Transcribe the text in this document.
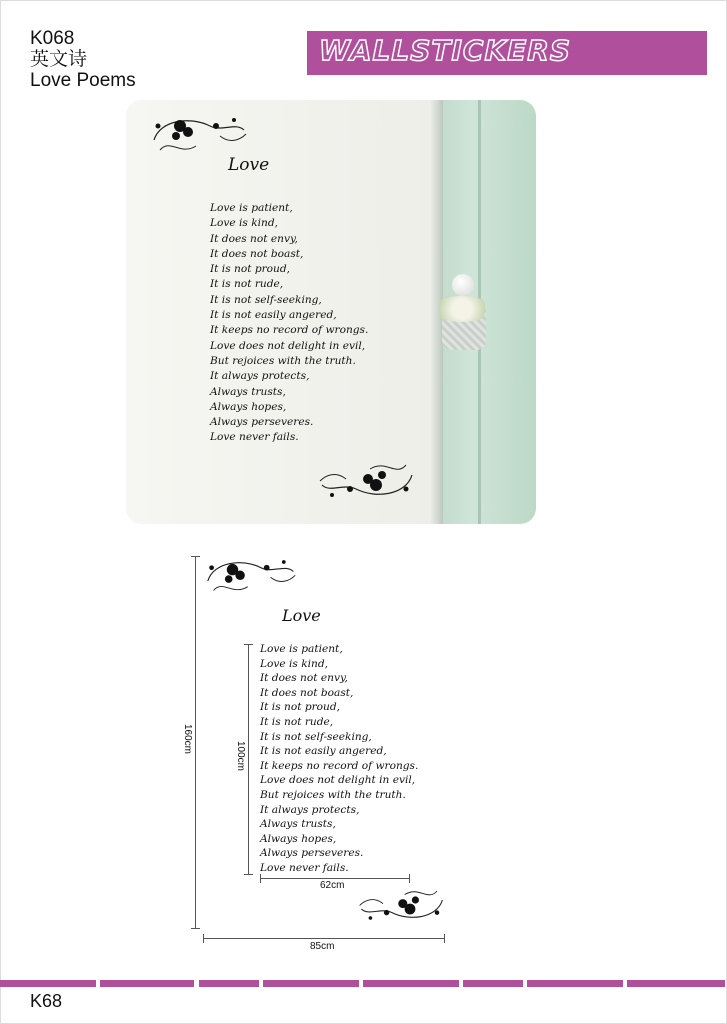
K068
英文诗
Love Poems
WALLSTICKERS
Love
Love is patient,
Love is kind,
It does not envy,
It does not boast,
It is not proud,
It is not rude,
It is not self-seeking,
It is not easily angered,
It keeps no record of wrongs.
Love does not delight in evil,
But rejoices with the truth.
It always protects,
Always trusts,
Always hopes,
Always perseveres.
Love never fails.
Love
Love is patient,
Love is kind,
It does not envy,
It does not boast,
It is not proud,
It is not rude,
It is not self-seeking,
It is not easily angered,
It keeps no record of wrongs.
Love does not delight in evil,
But rejoices with the truth.
It always protects,
Always trusts,
Always hopes,
Always perseveres.
Love never fails.
160cm
100cm
62cm
85cm
K68
